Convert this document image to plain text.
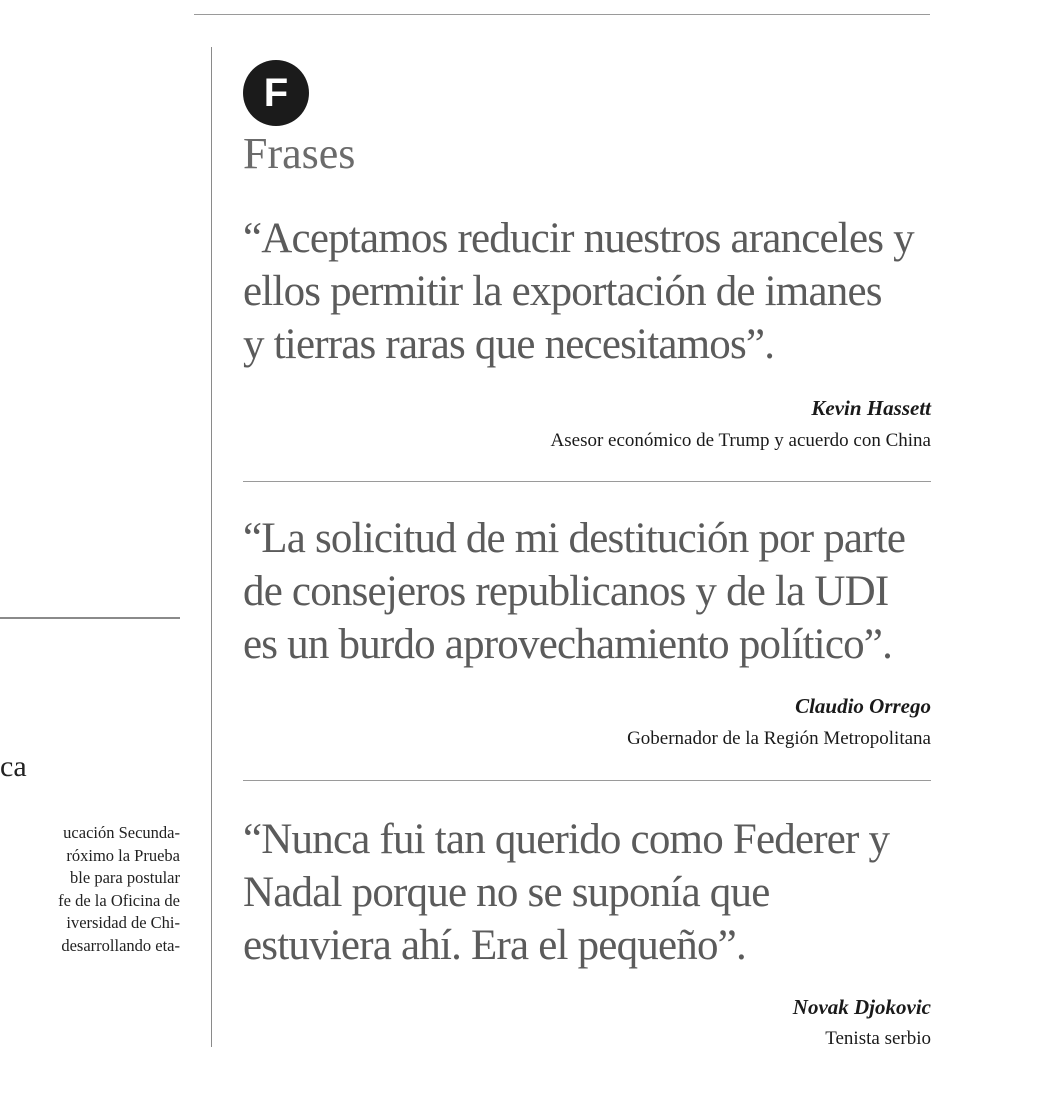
ca
ucación Secunda-
róximo la Prueba
ble para postular
fe de la Oficina de
iversidad de Chi-
desarrollando eta-
F
Frases
“Aceptamos reducir nuestros aranceles y
ellos permitir la exportación de imanes
y tierras raras que necesitamos”.
Kevin Hassett
Asesor económico de Trump y acuerdo con China
“La solicitud de mi destitución por parte
de consejeros republicanos y de la UDI
es un burdo aprovechamiento político”.
Claudio Orrego
Gobernador de la Región Metropolitana
“Nunca fui tan querido como Federer y
Nadal porque no se suponía que
estuviera ahí. Era el pequeño”.
Novak Djokovic
Tenista serbio
